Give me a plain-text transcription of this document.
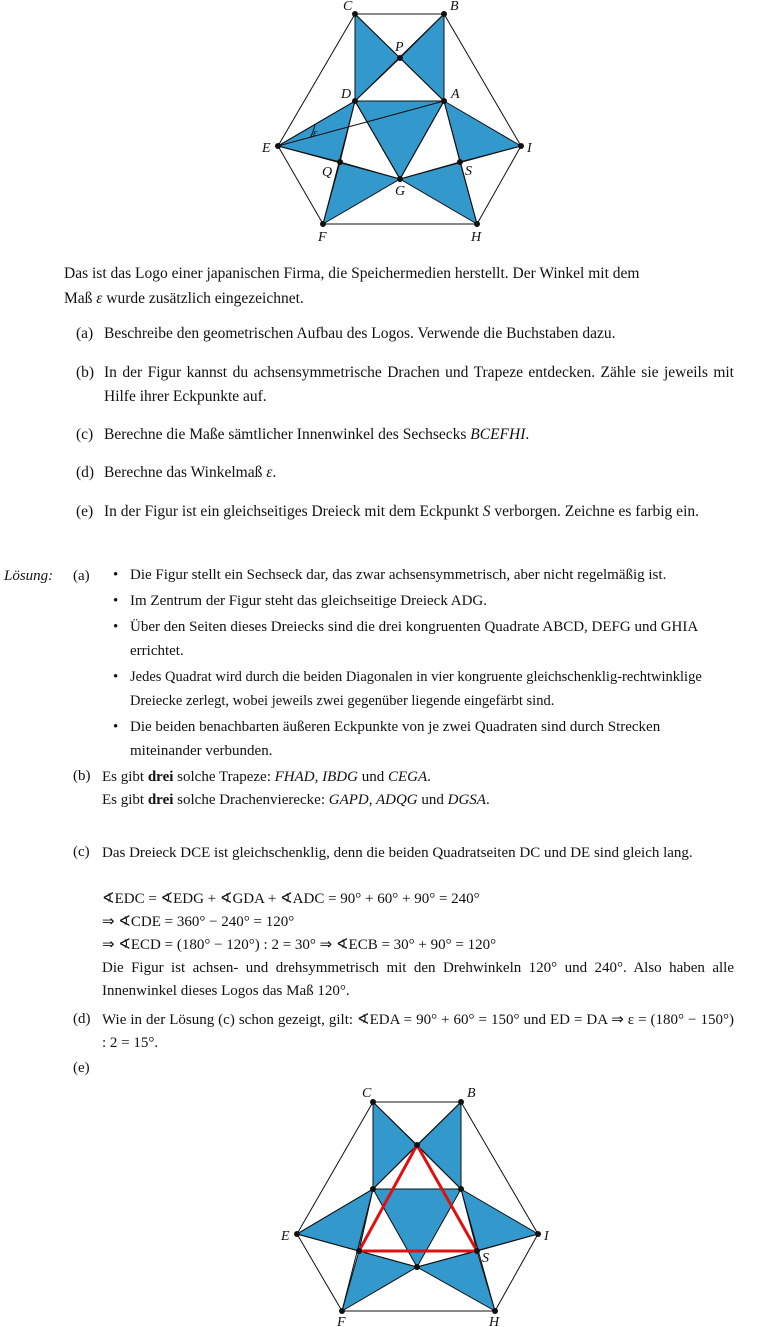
C	B
P
D	A
E	I
Q	S
G
F	H
ε
Das ist das Logo einer japanischen Firma, die Speichermedien herstellt. Der Winkel mit dem
Maß ε wurde zusätzlich eingezeichnet.
(a) Beschreibe den geometrischen Aufbau des Logos. Verwende die Buchstaben dazu.
(b) In der Figur kannst du achsensymmetrische Drachen und Trapeze entdecken. Zähle sie jeweils mit Hilfe ihrer Eckpunkte auf.
(c) Berechne die Maße sämtlicher Innenwinkel des Sechsecks BCEFHI.
(d) Berechne das Winkelmaß ε.
(e) In der Figur ist ein gleichseitiges Dreieck mit dem Eckpunkt S verborgen. Zeichne es farbig ein.
Lösung: (a) • Die Figur stellt ein Sechseck dar, das zwar achsensymmetrisch, aber nicht regelmäßig ist.
• Im Zentrum der Figur steht das gleichseitige Dreieck ADG.
• Über den Seiten dieses Dreiecks sind die drei kongruenten Quadrate ABCD, DEFG und GHIA errichtet.
• Jedes Quadrat wird durch die beiden Diagonalen in vier kongruente gleichschenklig-rechtwinklige Dreiecke zerlegt, wobei jeweils zwei gegenüber liegende eingefärbt sind.
• Die beiden benachbarten äußeren Eckpunkte von je zwei Quadraten sind durch Strecken miteinander verbunden.
(b) Es gibt drei solche Trapeze: FHAD, IBDG und CEGA.
Es gibt drei solche Drachenvierecke: GAPD, ADQG und DGSA.
(c) Das Dreieck DCE ist gleichschenklig, denn die beiden Quadratseiten DC und DE sind gleich lang.
∢EDC = ∢EDG + ∢GDA + ∢ADC = 90° + 60° + 90° = 240°
⇒ ∢CDE = 360° − 240° = 120°
⇒ ∢ECD = (180° − 120°) : 2 = 30° ⇒ ∢ECB = 30° + 90° = 120°
Die Figur ist achsen- und drehsymmetrisch mit den Drehwinkeln 120° und 240°. Also haben alle Innenwinkel dieses Logos das Maß 120°.
(d) Wie in der Lösung (c) schon gezeigt, gilt: ∢EDA = 90° + 60° = 150° und ED = DA ⇒ ε = (180° − 150°) : 2 = 15°.
(e)
C	B
E	I
S
F	H
